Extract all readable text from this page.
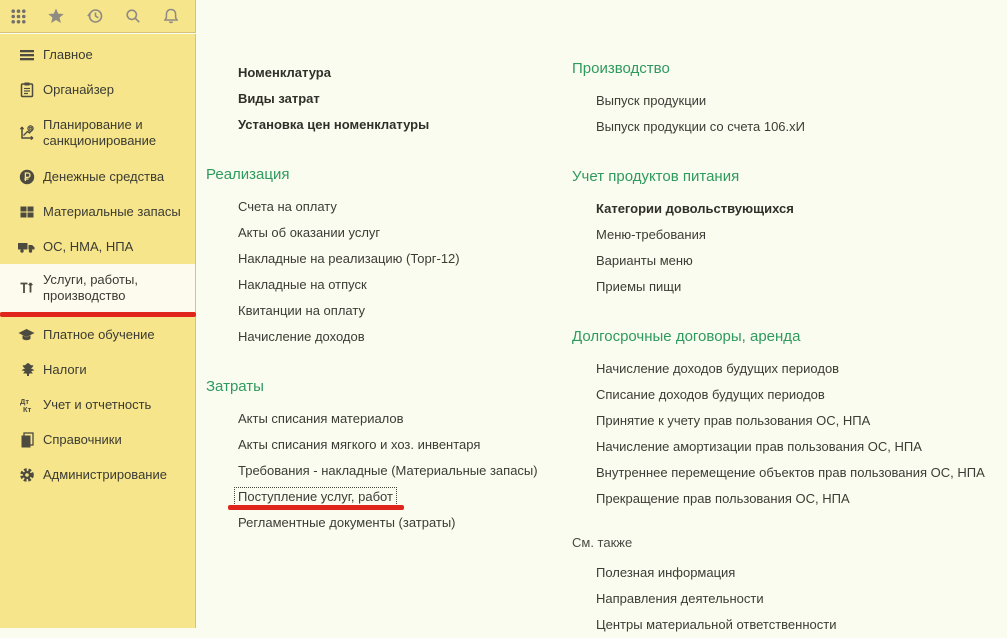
Главное
Органайзер
Планирование и санкционирование
Денежные средства
Материальные запасы
ОС, НМА, НПА
Услуги, работы, производство
Платное обучение
Налоги
Дт
Кт Учет и отчетность
Справочники
Администрирование
Номенклатура
Виды затрат
Установка цен номенклатуры
Реализация
Счета на оплату
Акты об оказании услуг
Накладные на реализацию (Торг-12)
Накладные на отпуск
Квитанции на оплату
Начисление доходов
Затраты
Акты списания материалов
Акты списания мягкого и хоз. инвентаря
Требования - накладные (Материальные запасы)
Поступление услуг, работ
Регламентные документы (затраты)
Производство
Выпуск продукции
Выпуск продукции со счета 106.хИ
Учет продуктов питания
Категории довольствующихся
Меню-требования
Варианты меню
Приемы пищи
Долгосрочные договоры, аренда
Начисление доходов будущих периодов
Списание доходов будущих периодов
Принятие к учету прав пользования ОС, НПА
Начисление амортизации прав пользования ОС, НПА
Внутреннее перемещение объектов прав пользования ОС, НПА
Прекращение прав пользования ОС, НПА
См. также
Полезная информация
Направления деятельности
Центры материальной ответственности
